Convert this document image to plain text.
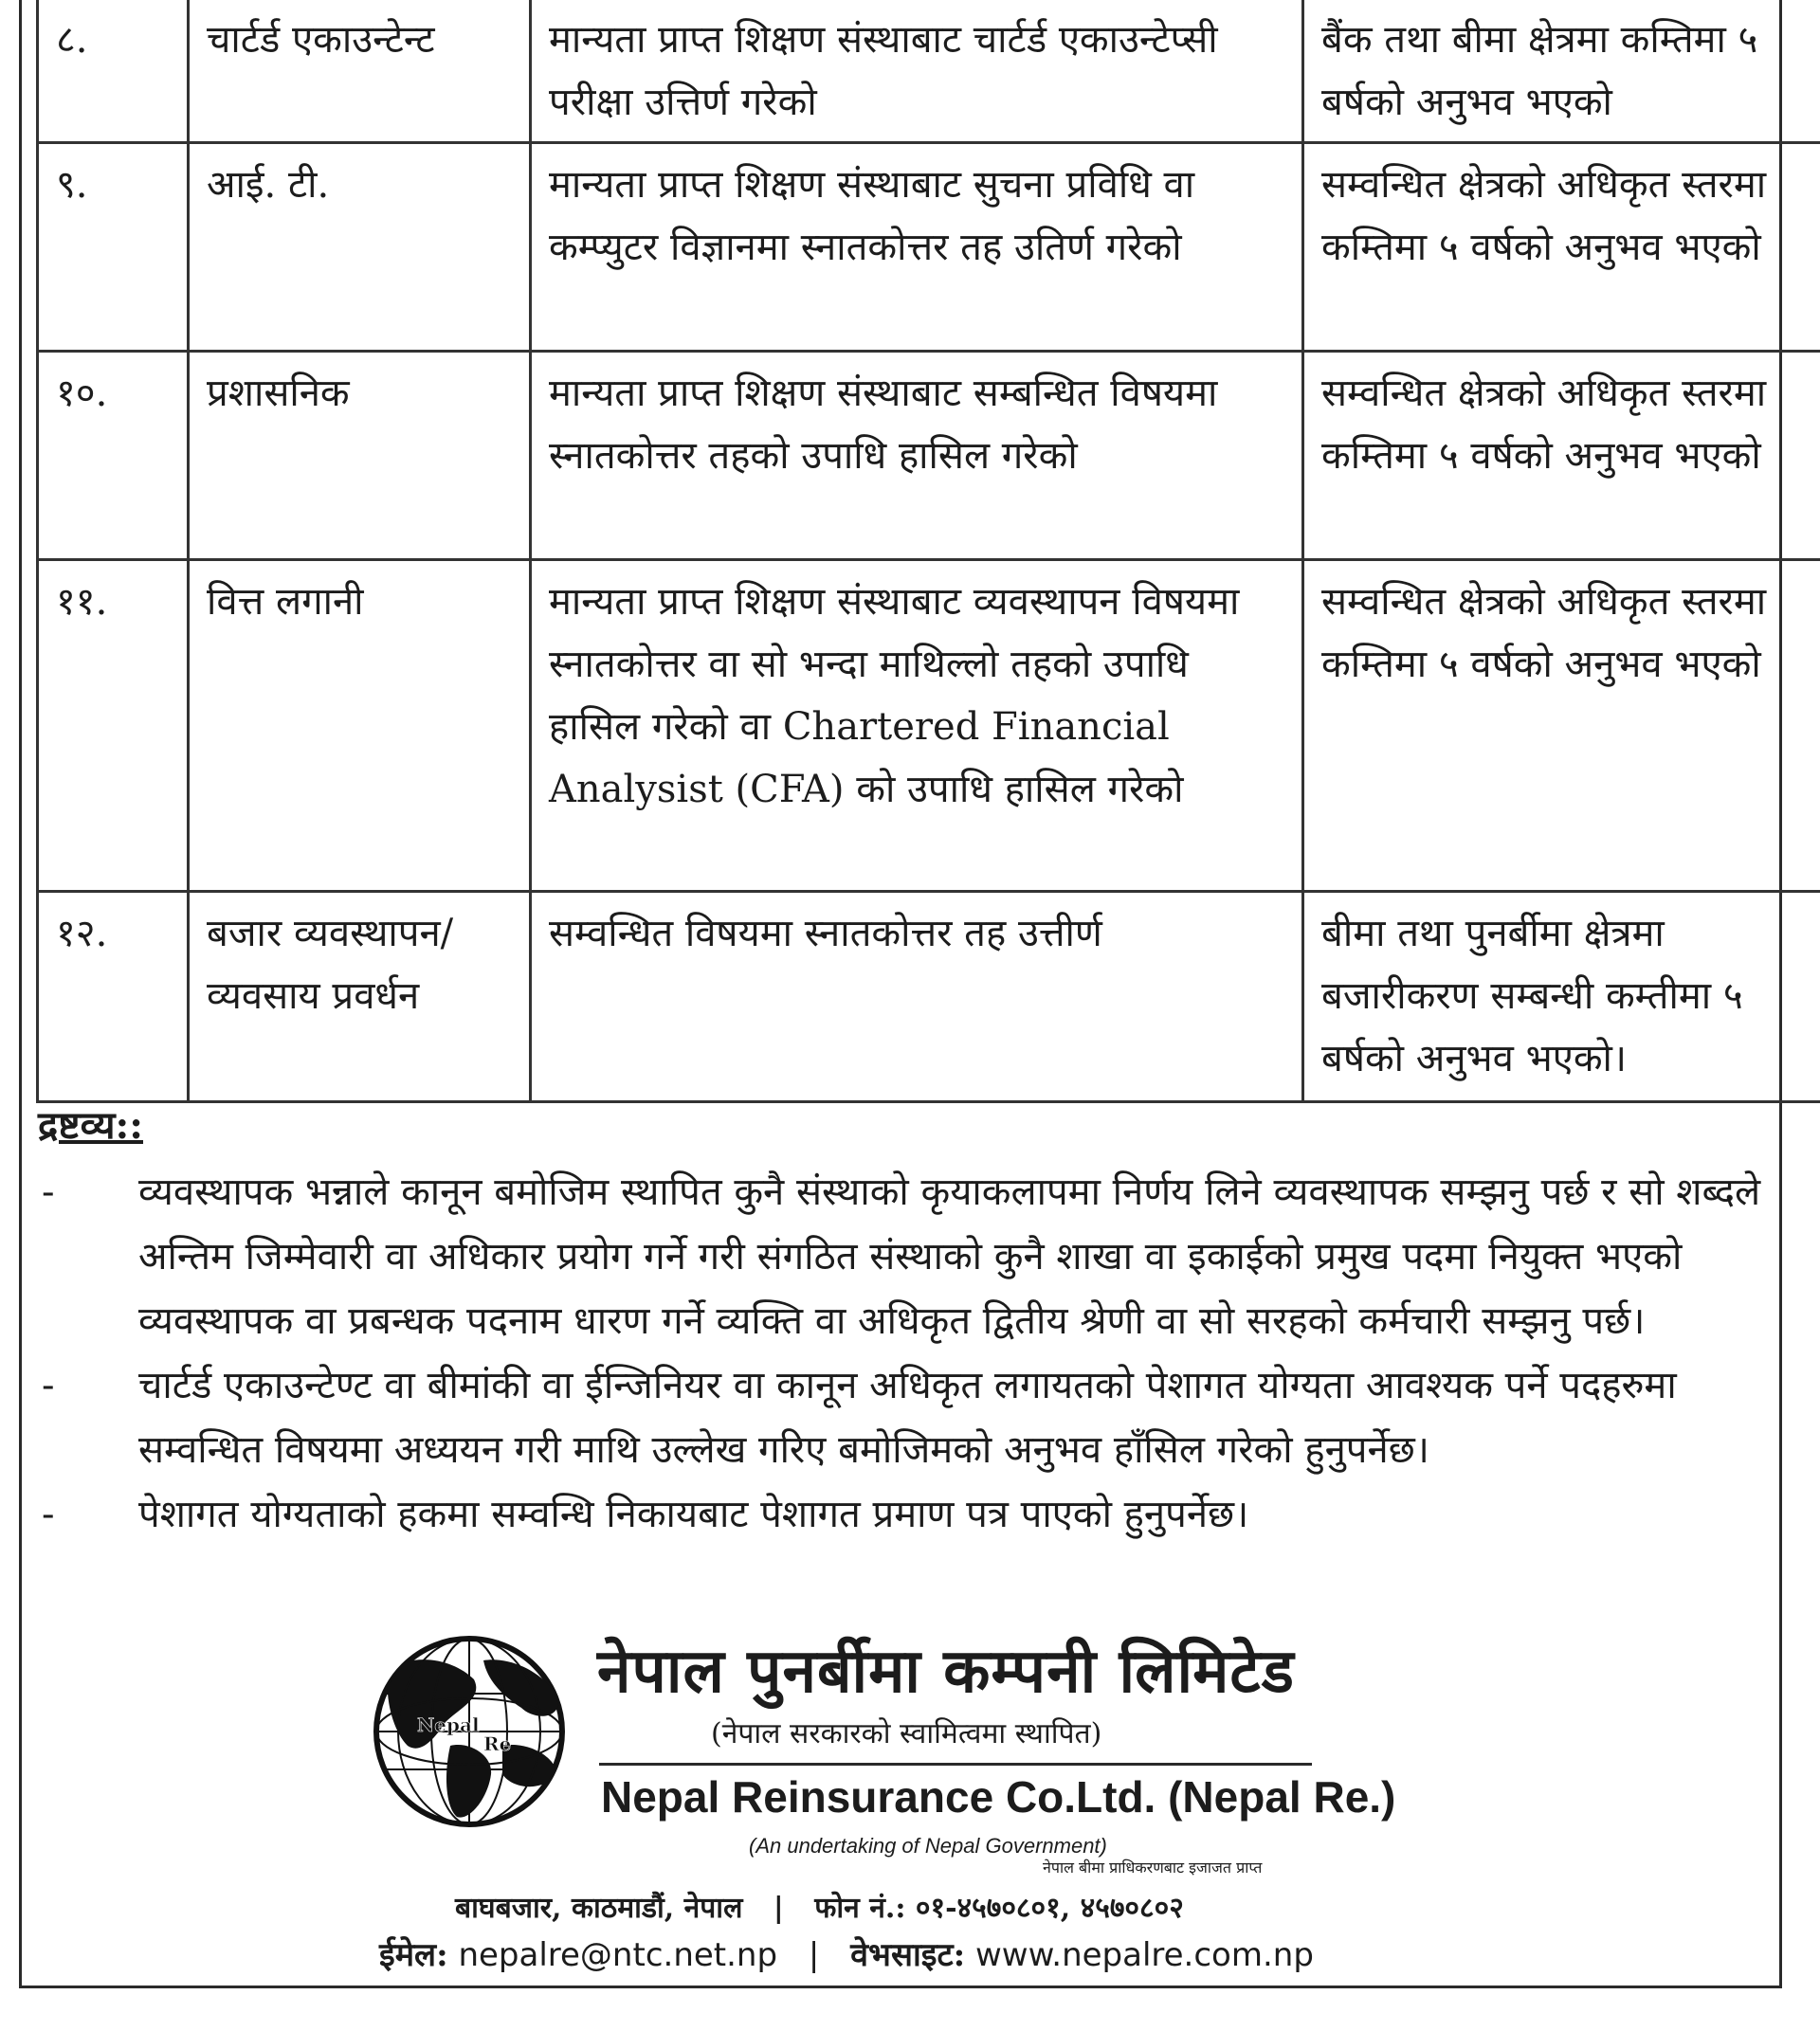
८.	चार्टर्ड एकाउन्टेन्ट	मान्यता प्राप्त शिक्षण संस्थाबाट चार्टर्ड एकाउन्टेप्सी परीक्षा उत्तिर्ण गरेको	बैंक तथा बीमा क्षेत्रमा कम्तिमा ५ बर्षको अनुभव भएको
९.	आई. टी.	मान्यता प्राप्त शिक्षण संस्थाबाट सुचना प्रविधि वा कम्प्युटर विज्ञानमा स्नातकोत्तर तह उतिर्ण गरेको	सम्वन्धित क्षेत्रको अधिकृत स्तरमा कम्तिमा ५ वर्षको अनुभव भएको
१०.	प्रशासनिक	मान्यता प्राप्त शिक्षण संस्थाबाट सम्बन्धित विषयमा स्नातकोत्तर तहको उपाधि हासिल गरेको	सम्वन्धित क्षेत्रको अधिकृत स्तरमा कम्तिमा ५ वर्षको अनुभव भएको
११.	वित्त लगानी	मान्यता प्राप्त शिक्षण संस्थाबाट व्यवस्थापन विषयमा स्नातकोत्तर वा सो भन्दा माथिल्लो तहको उपाधि हासिल गरेको वा Chartered Financial Analysist (CFA) को उपाधि हासिल गरेको	सम्वन्धित क्षेत्रको अधिकृत स्तरमा कम्तिमा ५ वर्षको अनुभव भएको
१२.	बजार व्यवस्थापन/ व्यवसाय प्रवर्धन	सम्वन्धित विषयमा स्नातकोत्तर तह उत्तीर्ण	बीमा तथा पुनर्बीमा क्षेत्रमा बजारीकरण सम्बन्धी कम्तीमा ५ बर्षको अनुभव भएको।
द्रष्टव्य::
-	व्यवस्थापक भन्नाले कानून बमोजिम स्थापित कुनै संस्थाको कृयाकलापमा निर्णय लिने व्यवस्थापक सम्झनु पर्छ र सो शब्दले अन्तिम जिम्मेवारी वा अधिकार प्रयोग गर्ने गरी संगठित संस्थाको कुनै शाखा वा इकाईको प्रमुख पदमा नियुक्त भएको व्यवस्थापक वा प्रबन्धक पदनाम धारण गर्ने व्यक्ति वा अधिकृत द्वितीय श्रेणी वा सो सरहको कर्मचारी सम्झनु पर्छ।
-	चार्टर्ड एकाउन्टेण्ट वा बीमांकी वा ईन्जिनियर वा कानून अधिकृत लगायतको पेशागत योग्यता आवश्यक पर्ने पदहरुमा सम्वन्धित विषयमा अध्ययन गरी माथि उल्लेख गरिए बमोजिमको अनुभव हाँसिल गरेको हुनुपर्नेछ।
-	पेशागत योग्यताको हकमा सम्वन्धि निकायबाट पेशागत प्रमाण पत्र पाएको हुनुपर्नेछ।
Nepal
Re
नेपाल पुनर्बीमा कम्पनी लिमिटेड
(नेपाल सरकारको स्वामित्वमा स्थापित)
Nepal Reinsurance Co.Ltd. (Nepal Re.)
(An undertaking of Nepal Government)
नेपाल बीमा प्राधिकरणबाट इजाजत प्राप्त
बाघबजार, काठमाडौं, नेपाल | फोन नं.: ०१-४५७०८०१, ४५७०८०२
ईमेल: nepalre@ntc.net.np | वेभसाइट: www.nepalre.com.np
